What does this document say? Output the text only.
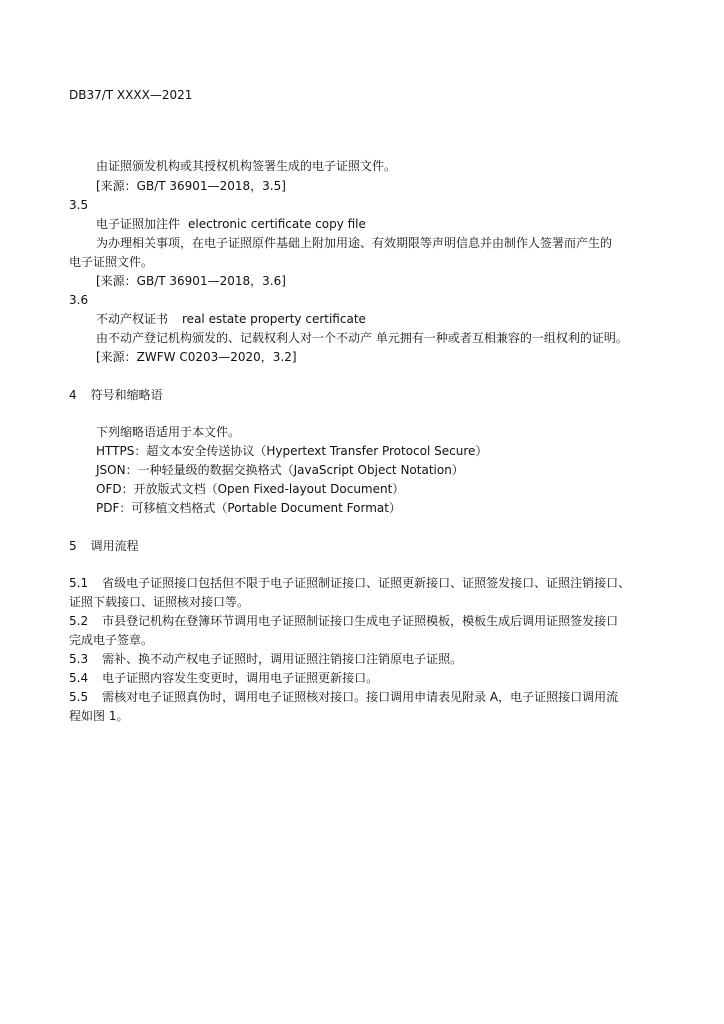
DB37/T XXXX—2021
由证照颁发机构或其授权机构签署生成的电子证照文件。
[来源：GB/T 36901—2018，3.5]
3.5
电子证照加注件 electronic certificate copy file
为办理相关事项，在电子证照原件基础上附加用途、有效期限等声明信息并由制作人签署而产生的
电子证照文件。
[来源：GB/T 36901—2018，3.6]
3.6
不动产权证书 real estate property certificate
由不动产登记机构颁发的、记载权利人对一个不动产 单元拥有一种或者互相兼容的一组权利的证明。
[来源：ZWFW C0203—2020，3.2]
4 符号和缩略语
下列缩略语适用于本文件。
HTTPS：超文本安全传送协议（Hypertext Transfer Protocol Secure）
JSON：一种轻量级的数据交换格式（JavaScript Object Notation）
OFD：开放版式文档（Open Fixed-layout Document）
PDF：可移植文档格式（Portable Document Format）
5 调用流程
5.1 省级电子证照接口包括但不限于电子证照制证接口、证照更新接口、证照签发接口、证照注销接口、
证照下载接口、证照核对接口等。
5.2 市县登记机构在登簿环节调用电子证照制证接口生成电子证照模板，模板生成后调用证照签发接口
完成电子签章。
5.3 需补、换不动产权电子证照时，调用证照注销接口注销原电子证照。
5.4 电子证照内容发生变更时，调用电子证照更新接口。
5.5 需核对电子证照真伪时，调用电子证照核对接口。接口调用申请表见附录 A，电子证照接口调用流
程如图 1。
